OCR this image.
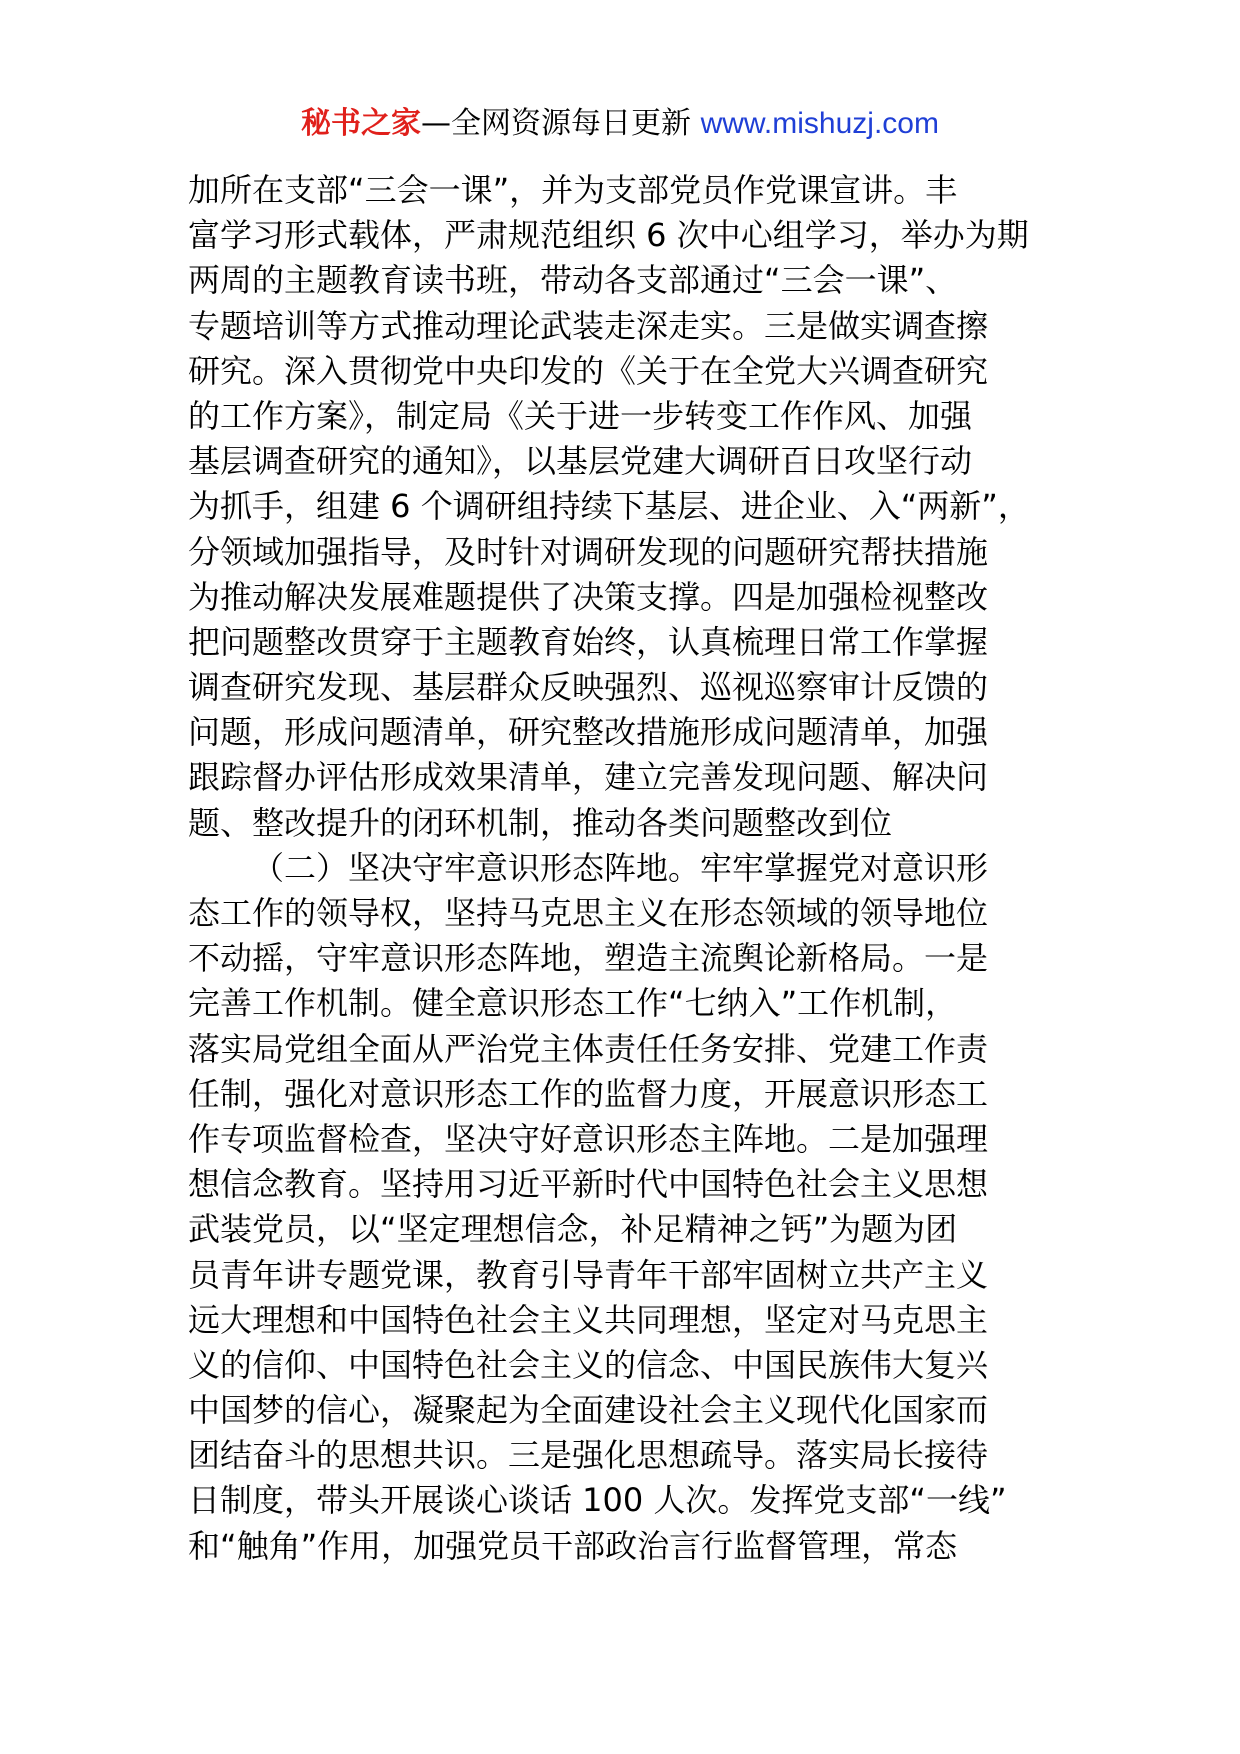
秘书之家—全网资源每日更新 www.mishuzj.com
加所在支部“三会一课”，并为支部党员作党课宣讲。丰
富学习形式载体，严肃规范组织 6 次中心组学习，举办为期
两周的主题教育读书班，带动各支部通过“三会一课”、
专题培训等方式推动理论武装走深走实。三是做实调查擦
研究。深入贯彻党中央印发的《关于在全党大兴调查研究
的工作方案》，制定局《关于进一步转变工作作风、加强
基层调查研究的通知》，以基层党建大调研百日攻坚行动
为抓手，组建 6 个调研组持续下基层、进企业、入“两新”，
分领域加强指导，及时针对调研发现的问题研究帮扶措施
为推动解决发展难题提供了决策支撑。四是加强检视整改
把问题整改贯穿于主题教育始终，认真梳理日常工作掌握
调查研究发现、基层群众反映强烈、巡视巡察审计反馈的
问题，形成问题清单，研究整改措施形成问题清单，加强
跟踪督办评估形成效果清单，建立完善发现问题、解决问
题、整改提升的闭环机制，推动各类问题整改到位
（二）坚决守牢意识形态阵地。牢牢掌握党对意识形
态工作的领导权，坚持马克思主义在形态领域的领导地位
不动摇，守牢意识形态阵地，塑造主流舆论新格局。一是
完善工作机制。健全意识形态工作“七纳入”工作机制，
落实局党组全面从严治党主体责任任务安排、党建工作责
任制，强化对意识形态工作的监督力度，开展意识形态工
作专项监督检查，坚决守好意识形态主阵地。二是加强理
想信念教育。坚持用习近平新时代中国特色社会主义思想
武装党员，以“坚定理想信念，补足精神之钙”为题为团
员青年讲专题党课，教育引导青年干部牢固树立共产主义
远大理想和中国特色社会主义共同理想，坚定对马克思主
义的信仰、中国特色社会主义的信念、中国民族伟大复兴
中国梦的信心，凝聚起为全面建设社会主义现代化国家而
团结奋斗的思想共识。三是强化思想疏导。落实局长接待
日制度，带头开展谈心谈话 100 人次。发挥党支部“一线”
和“触角”作用，加强党员干部政治言行监督管理，常态
